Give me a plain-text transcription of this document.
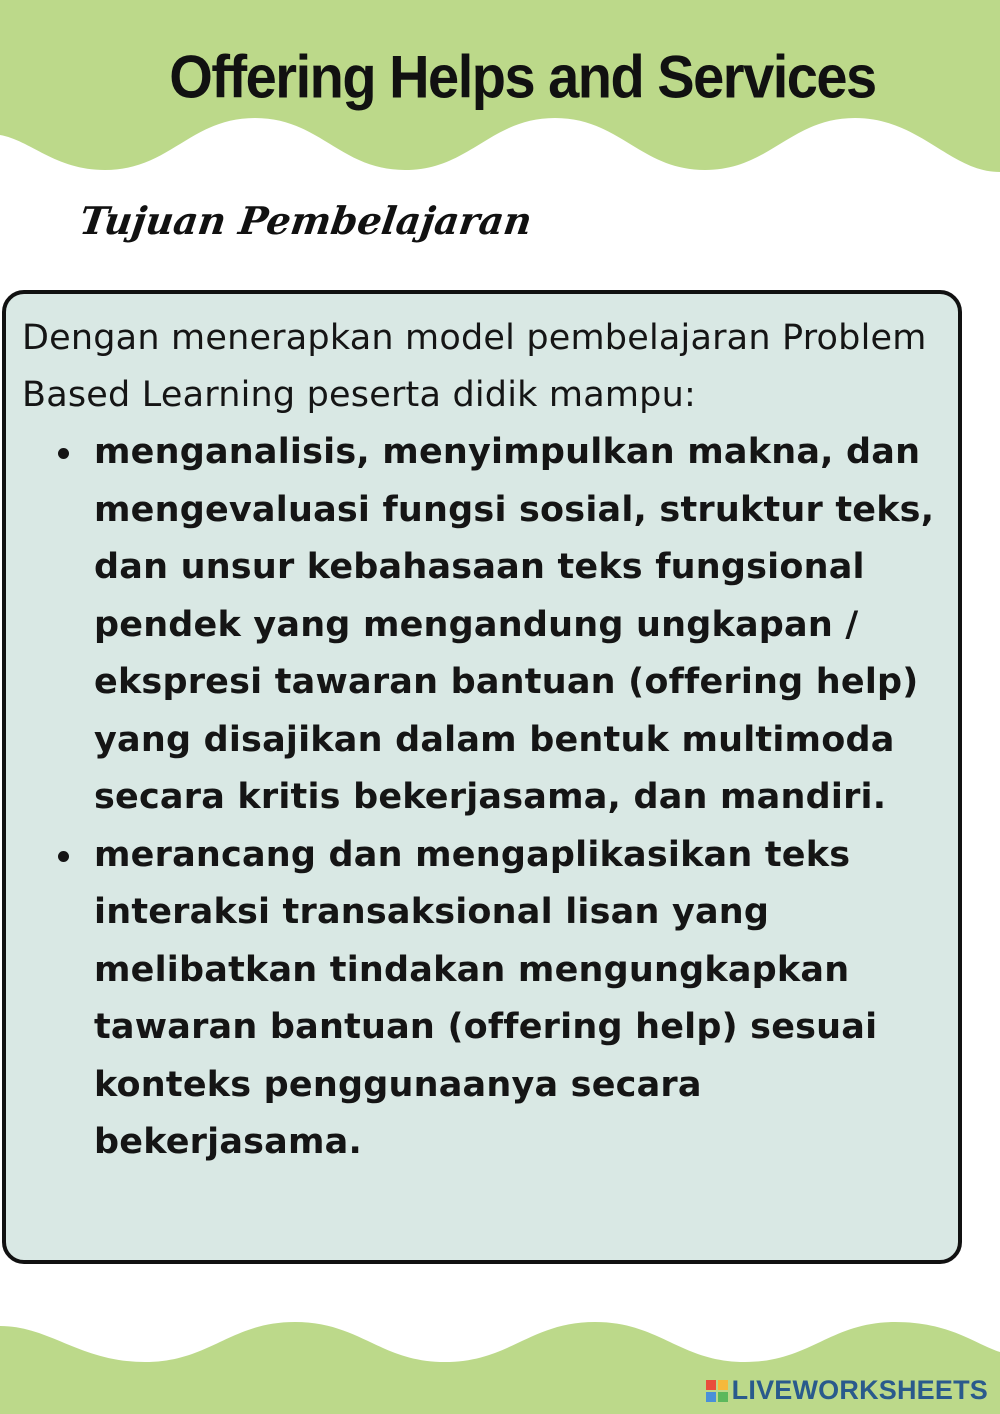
Offering Helps and Services
Tujuan Pembelajaran

Dengan menerapkan model pembelajaran Problem Based Learning peserta didik mampu:

menganalisis, menyimpulkan makna, dan mengevaluasi fungsi sosial, struktur teks, dan unsur kebahasaan teks fungsional pendek yang mengandung ungkapan / ekspresi tawaran bantuan (offering help) yang disajikan dalam bentuk multimoda secara kritis bekerjasama, dan mandiri.
merancang dan mengaplikasikan teks interaksi transaksional lisan yang melibatkan tindakan mengungkapkan tawaran bantuan (offering help) sesuai konteks penggunaanya secara bekerjasama.
LIVEWORKSHEETS
